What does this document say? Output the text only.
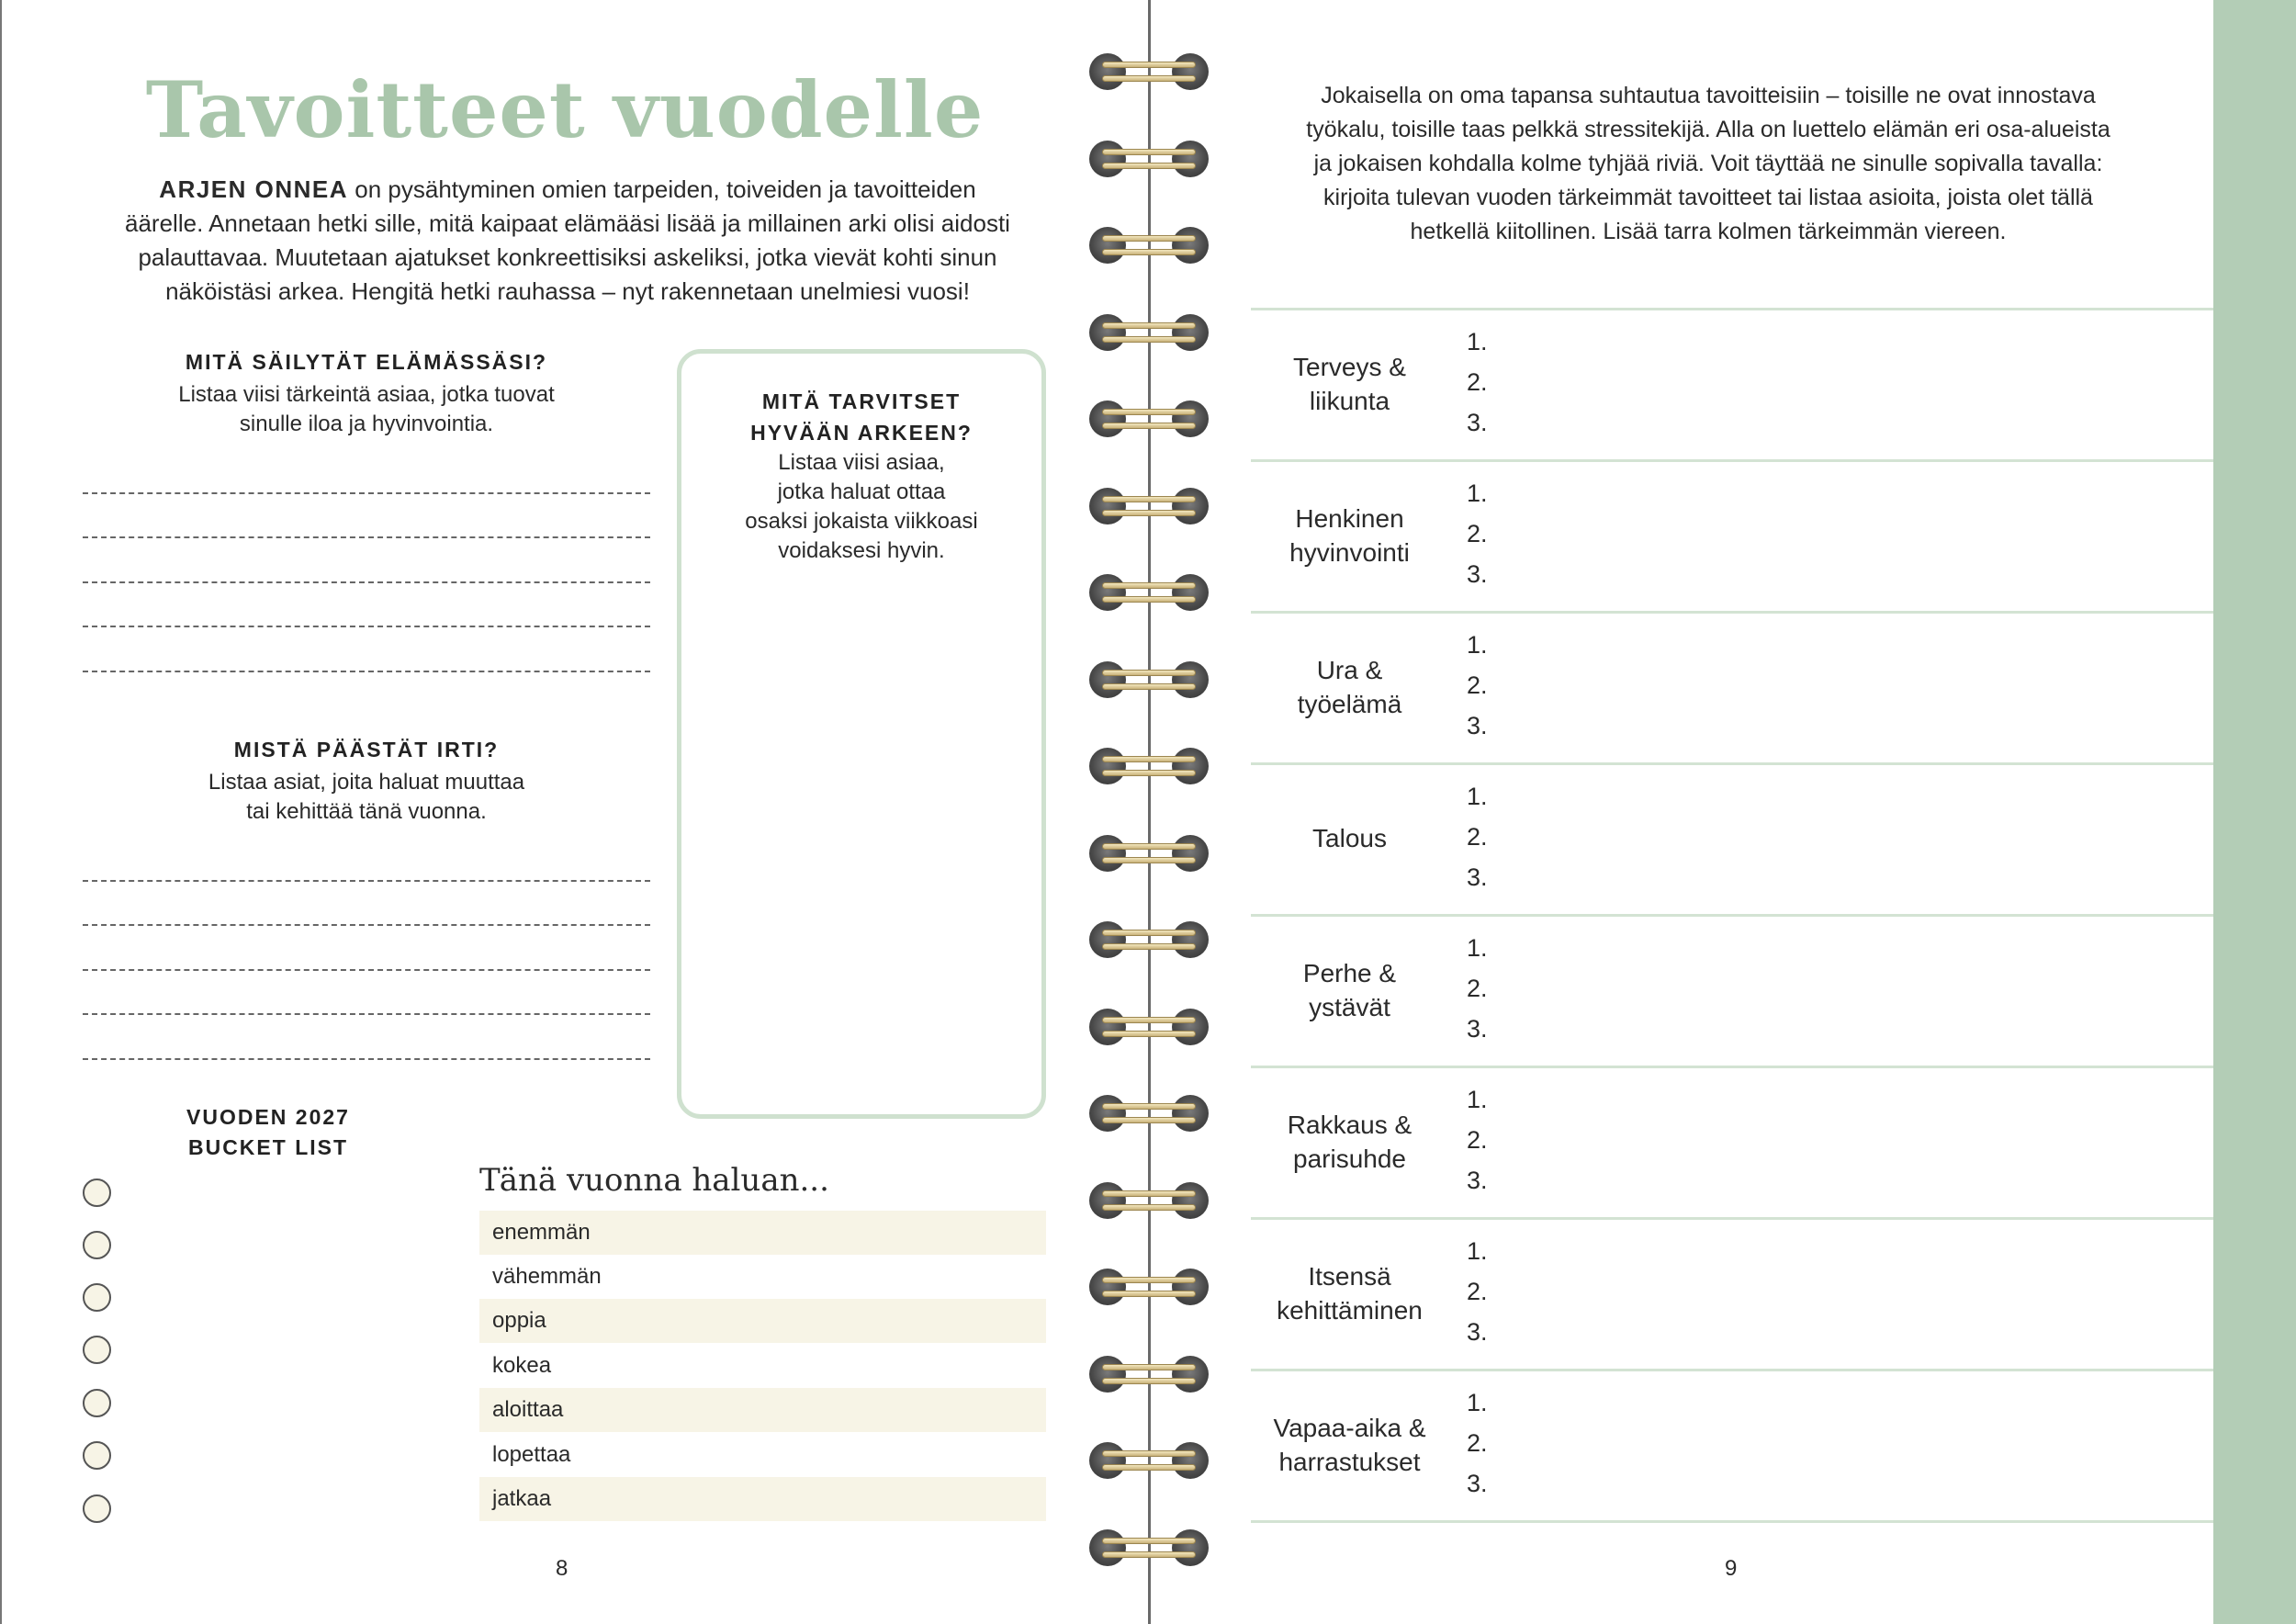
Tavoitteet vuodelle

ARJEN ONNEA on pysähtyminen omien tarpeiden, toiveiden ja tavoitteiden
äärelle. Annetaan hetki sille, mitä kaipaat elämääsi lisää ja millainen arki olisi aidosti
palauttavaa. Muutetaan ajatukset konkreettisiksi askeliksi, jotka vievät kohti sinun
näköistäsi arkea. Hengitä hetki rauhassa – nyt rakennetaan unelmiesi vuosi!

MITÄ SÄILYTÄT ELÄMÄSSÄSI?
Listaa viisi tärkeintä asiaa, jotka tuovat
sinulle iloa ja hyvinvointia.
MISTÄ PÄÄSTÄT IRTI?
Listaa asiat, joita haluat muuttaa
tai kehittää tänä vuonna.
MITÄ TARVITSET
HYVÄÄN ARKEEN?
Listaa viisi asiaa,
jotka haluat ottaa
osaksi jokaista viikkoasi
voidaksesi hyvin.
VUODEN 2027
BUCKET LIST
Tänä vuonna haluan...
enemmän
vähemmän
oppia
kokea
aloittaa
lopettaa
jatkaa
8

Jokaisella on oma tapansa suhtautua tavoitteisiin – toisille ne ovat innostava
työkalu, toisille taas pelkkä stressitekijä. Alla on luettelo elämän eri osa-alueista
ja jokaisen kohdalla kolme tyhjää riviä. Voit täyttää ne sinulle sopivalla tavalla:
kirjoita tulevan vuoden tärkeimmät tavoitteet tai listaa asioita, joista olet tällä
hetkellä kiitollinen. Lisää tarra kolmen tärkeimmän viereen.

Terveys &
liikunta
1.
2.
3.
Henkinen
hyvinvointi
1.
2.
3.
Ura &
työelämä
1.
2.
3.
Talous
1.
2.
3.
Perhe &
ystävät
1.
2.
3.
Rakkaus &
parisuhde
1.
2.
3.
Itsensä
kehittäminen
1.
2.
3.
Vapaa-aika &
harrastukset
1.
2.
3.
9
